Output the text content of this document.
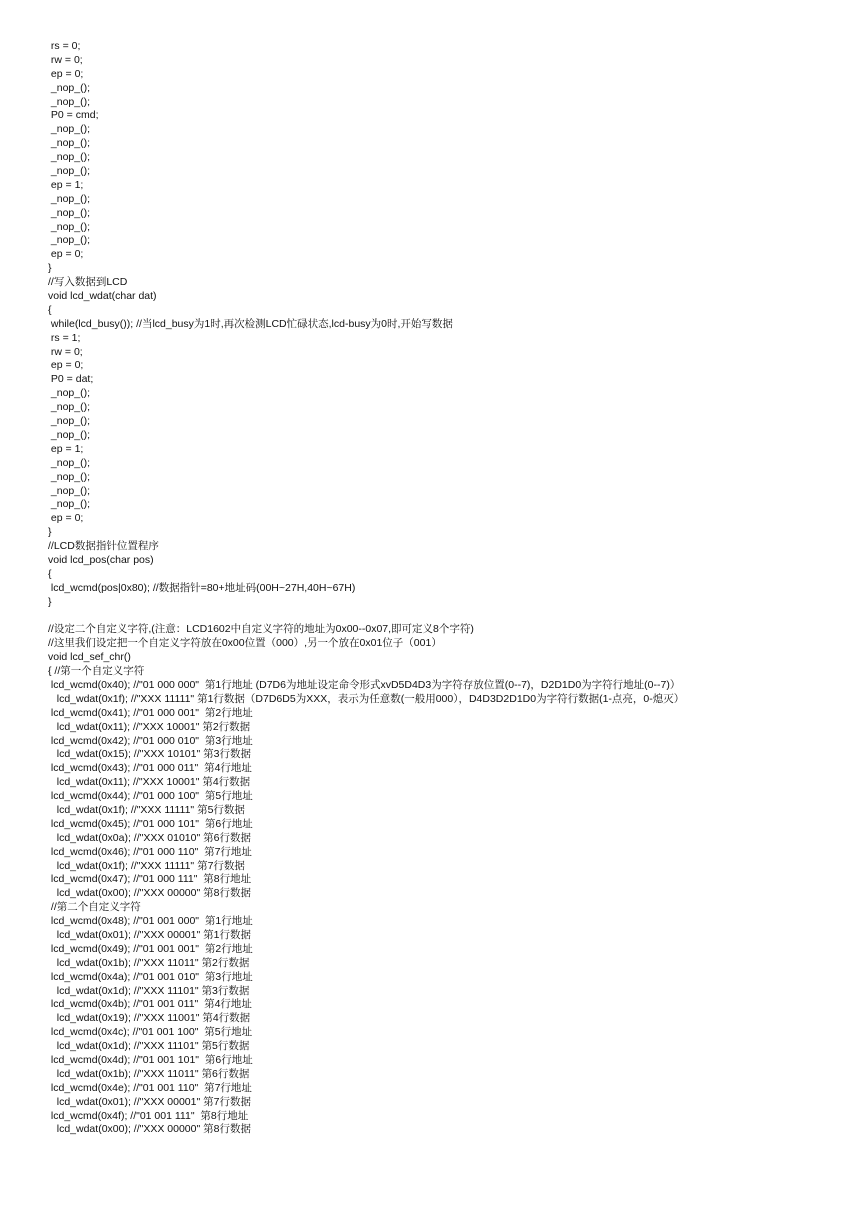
rs = 0;
rw = 0;
ep = 0;
_nop_();
_nop_();
P0 = cmd;
_nop_();
_nop_();
_nop_();
_nop_();
ep = 1;
_nop_();
_nop_();
_nop_();
_nop_();
ep = 0;
}
//写入数据到LCD
void lcd_wdat(char dat)
{
while(lcd_busy()); //当lcd_busy为1时,再次检测LCD忙碌状态,lcd-busy为0时,开始写数据
rs = 1;
rw = 0;
ep = 0;
P0 = dat;
_nop_();
_nop_();
_nop_();
_nop_();
ep = 1;
_nop_();
_nop_();
_nop_();
_nop_();
ep = 0;
}
//LCD数据指针位置程序
void lcd_pos(char pos)
{
lcd_wcmd(pos|0x80); //数据指针=80+地址码(00H~27H,40H~67H)
}
//设定二个自定义字符,(注意：LCD1602中自定义字符的地址为0x00--0x07,即可定义8个字符)
//这里我们设定把一个自定义字符放在0x00位置（000）,另一个放在0x01位子（001）
void lcd_sef_chr()
{ //第一个自定义字符
lcd_wcmd(0x40); //"01 000 000"  第1行地址 (D7D6为地址设定命令形式xvD5D4D3为字符存放位置(0--7)，D2D1D0为字符行地址(0--7)）
lcd_wdat(0x1f); //"XXX 11111" 第1行数据（D7D6D5为XXX，表示为任意数(一般用000），D4D3D2D1D0为字符行数据(1-点亮，0-熄灭）
lcd_wcmd(0x41); //"01 000 001"  第2行地址
lcd_wdat(0x11); //"XXX 10001" 第2行数据
lcd_wcmd(0x42); //"01 000 010"  第3行地址
lcd_wdat(0x15); //"XXX 10101" 第3行数据
lcd_wcmd(0x43); //"01 000 011"  第4行地址
lcd_wdat(0x11); //"XXX 10001" 第4行数据
lcd_wcmd(0x44); //"01 000 100"  第5行地址
lcd_wdat(0x1f); //"XXX 11111" 第5行数据
lcd_wcmd(0x45); //"01 000 101"  第6行地址
lcd_wdat(0x0a); //"XXX 01010" 第6行数据
lcd_wcmd(0x46); //"01 000 110"  第7行地址
lcd_wdat(0x1f); //"XXX 11111" 第7行数据
lcd_wcmd(0x47); //"01 000 111"  第8行地址
lcd_wdat(0x00); //"XXX 00000" 第8行数据
//第二个自定义字符
lcd_wcmd(0x48); //"01 001 000"  第1行地址
lcd_wdat(0x01); //"XXX 00001" 第1行数据
lcd_wcmd(0x49); //"01 001 001"  第2行地址
lcd_wdat(0x1b); //"XXX 11011" 第2行数据
lcd_wcmd(0x4a); //"01 001 010"  第3行地址
lcd_wdat(0x1d); //"XXX 11101" 第3行数据
lcd_wcmd(0x4b); //"01 001 011"  第4行地址
lcd_wdat(0x19); //"XXX 11001" 第4行数据
lcd_wcmd(0x4c); //"01 001 100"  第5行地址
lcd_wdat(0x1d); //"XXX 11101" 第5行数据
lcd_wcmd(0x4d); //"01 001 101"  第6行地址
lcd_wdat(0x1b); //"XXX 11011" 第6行数据
lcd_wcmd(0x4e); //"01 001 110"  第7行地址
lcd_wdat(0x01); //"XXX 00001" 第7行数据
lcd_wcmd(0x4f); //"01 001 111"  第8行地址
lcd_wdat(0x00); //"XXX 00000" 第8行数据
